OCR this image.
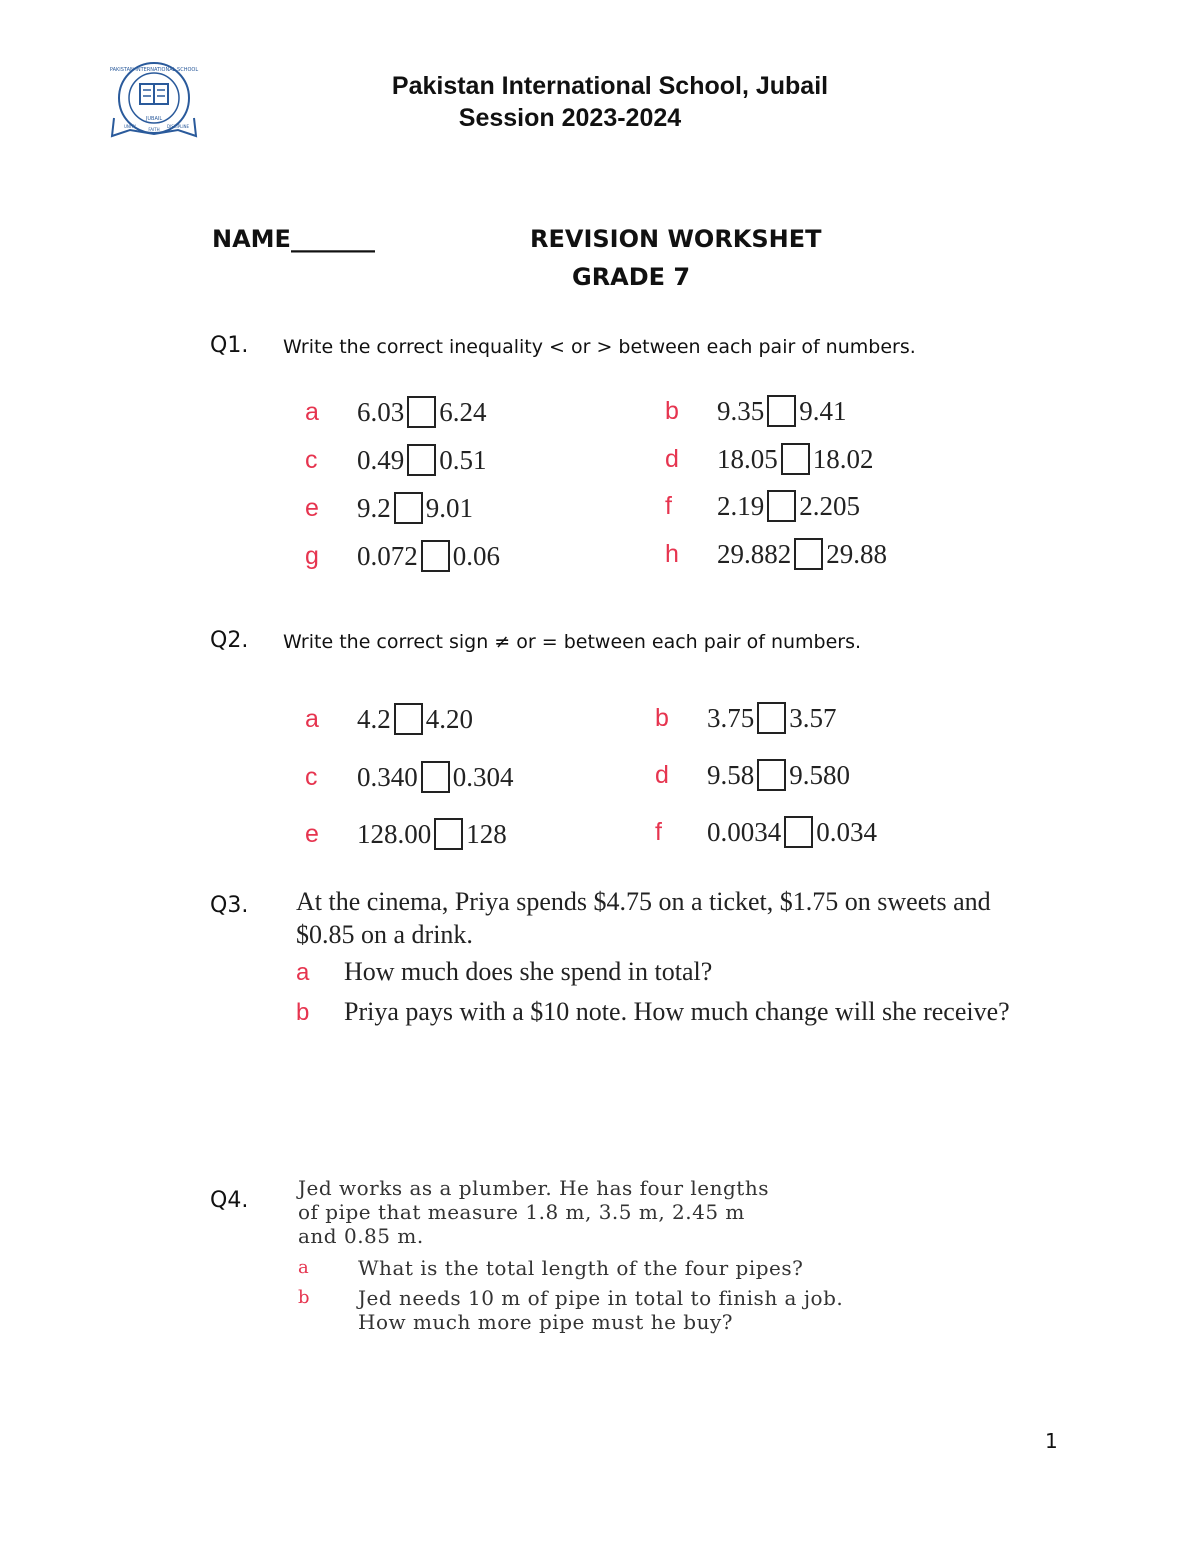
PAKISTAN INTERNATIONAL SCHOOL
JUBAIL
UNITY
FAITH
DISCIPLINE
Pakistan International School, Jubail
Session 2023-2024
NAME_______	REVISION WORKSHET
GRADE 7
Q1. Write the correct inequality < or > between each pair of numbers.
a	6.03 6.24	b	9.35 9.41
c	0.49 0.51	d	18.05 18.02
e	9.2 9.01	f	2.19 2.205
g	0.072 0.06	h	29.882 29.88
Q2. Write the correct sign ≠ or = between each pair of numbers.
a	4.2 4.20	b	3.75 3.57
c	0.340 0.304	d	9.58 9.580
e	128.00 128	f	0.0034 0.034
Q3. At the cinema, Priya spends $4.75 on a ticket, $1.75 on sweets and
$0.85 on a drink.
a How much does she spend in total?
b Priya pays with a $10 note. How much change will she receive?
Q4. Jed works as a plumber. He has four lengths
of pipe that measure 1.8 m, 3.5 m, 2.45 m
and 0.85 m.
a What is the total length of the four pipes?
b Jed needs 10 m of pipe in total to finish a job. How much more pipe must he buy?
1
